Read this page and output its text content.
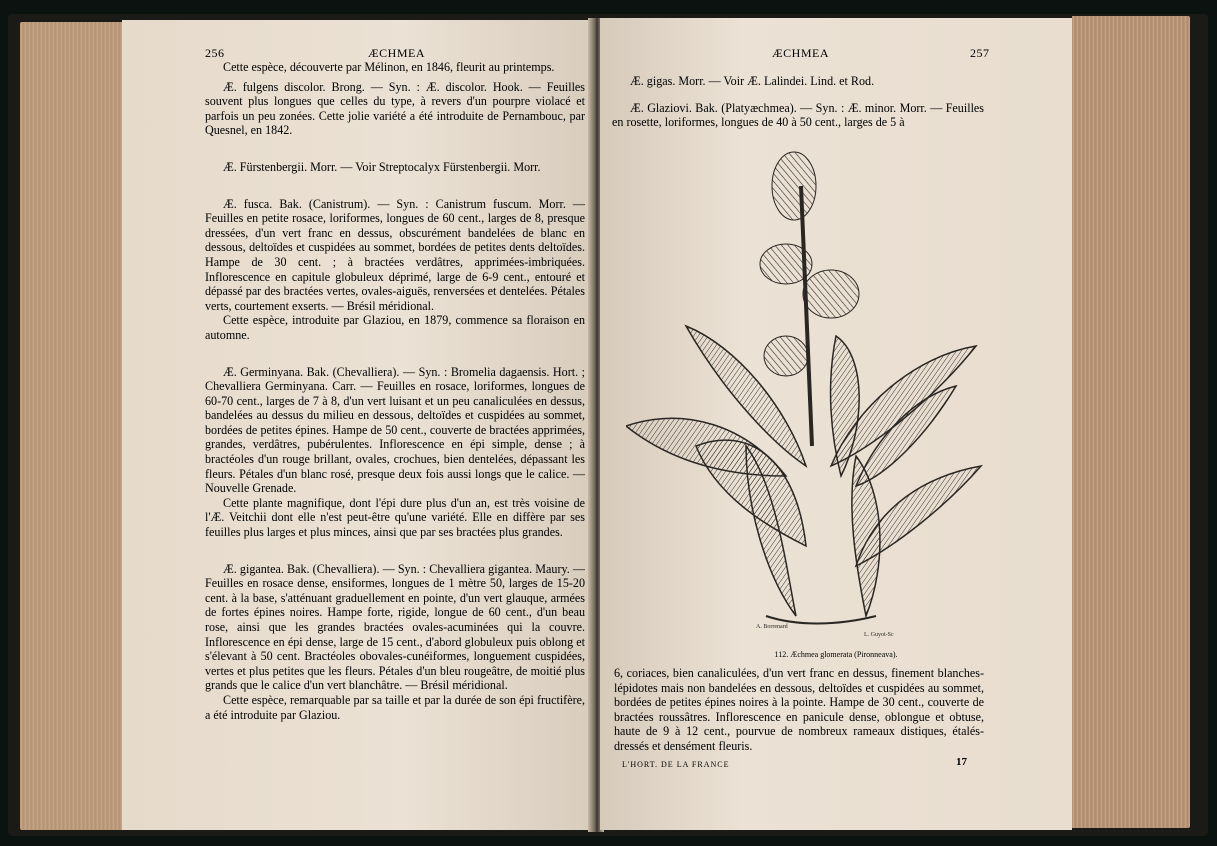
256	ÆCHMEA

Cette espèce, découverte par Mélinon, en 1846, fleurit au printemps.

Æ. fulgens discolor. Brong. — Syn. : Æ. discolor. Hook. — Feuilles souvent plus longues que celles du type, à revers d'un pourpre violacé et parfois un peu zonées. Cette jolie variété a été introduite de Pernambouc, par Quesnel, en 1842.

Æ. Fürstenbergii. Morr. — Voir Streptocalyx Fürstenbergii. Morr.

Æ. fusca. Bak. (Canistrum). — Syn. : Canistrum fuscum. Morr. — Feuilles en petite rosace, loriformes, longues de 60 cent., larges de 8, presque dressées, d'un vert franc en dessus, obscurément bandelées de blanc en dessous, deltoïdes et cuspidées au sommet, bordées de petites dents deltoïdes. Hampe de 30 cent. ; à bractées verdâtres, apprimées-imbriquées. Inflorescence en capitule globuleux déprimé, large de 6-9 cent., entouré et dépassé par des bractées vertes, ovales-aiguës, renversées et dentelées. Pétales verts, courtement exserts. — Brésil méridional.

Cette espèce, introduite par Glaziou, en 1879, commence sa floraison en automne.

Æ. Germinyana. Bak. (Chevalliera). — Syn. : Bromelia dagaensis. Hort. ; Chevalliera Germinyana. Carr. — Feuilles en rosace, loriformes, longues de 60-70 cent., larges de 7 à 8, d'un vert luisant et un peu canaliculées en dessus, bandelées au dessus du milieu en dessous, deltoïdes et cuspidées au sommet, bordées de petites épines. Hampe de 50 cent., couverte de bractées apprimées, grandes, verdâtres, pubérulentes. Inflorescence en épi simple, dense ; à bractéoles d'un rouge brillant, ovales, crochues, bien dentelées, dépassant les fleurs. Pétales d'un blanc rosé, presque deux fois aussi longs que le calice. — Nouvelle Grenade.

Cette plante magnifique, dont l'épi dure plus d'un an, est très voisine de l'Æ. Veitchii dont elle n'est peut-être qu'une variété. Elle en diffère par ses feuilles plus larges et plus minces, ainsi que par ses bractées plus grandes.

Æ. gigantea. Bak. (Chevalliera). — Syn. : Chevalliera gigantea. Maury. — Feuilles en rosace dense, ensiformes, longues de 1 mètre 50, larges de 15-20 cent. à la base, s'atténuant graduellement en pointe, d'un vert glauque, armées de fortes épines noires. Hampe forte, rigide, longue de 60 cent., d'un beau rose, ainsi que les grandes bractées ovales-acuminées qui la couvre. Inflorescence en épi dense, large de 15 cent., d'abord globuleux puis oblong et s'élevant à 50 cent. Bractéoles obovales-cunéiformes, longuement cuspidées, vertes et plus petites que les fleurs. Pétales d'un bleu rougeâtre, de moitié plus grands que le calice d'un vert blanchâtre. — Brésil méridional.

Cette espèce, remarquable par sa taille et par la durée de son épi fructifère, a été introduite par Glaziou.

ÆCHMEA	257

Æ. gigas. Morr. — Voir Æ. Lalindei. Lind. et Rod.

Æ. Glaziovi. Bak. (Platyæchmea). — Syn. : Æ. minor. Morr. — Feuilles en rosette, loriformes, longues de 40 à 50 cent., larges de 5 à

A. Borrenard
L. Guyot-Sc
112. Æchmea glomerata (Pironneava).

6, coriaces, bien canaliculées, d'un vert franc en dessus, finement blanches-lépidotes mais non bandelées en dessous, deltoïdes et cuspidées au sommet, bordées de petites épines noires à la pointe. Hampe de 30 cent., couverte de bractées roussâtres. Inflorescence en panicule dense, oblongue et obtuse, haute de 9 à 12 cent., pourvue de nombreux rameaux distiques, étalés-dressés et densément fleuris.

L'HORT. DE LA FRANCE	17
